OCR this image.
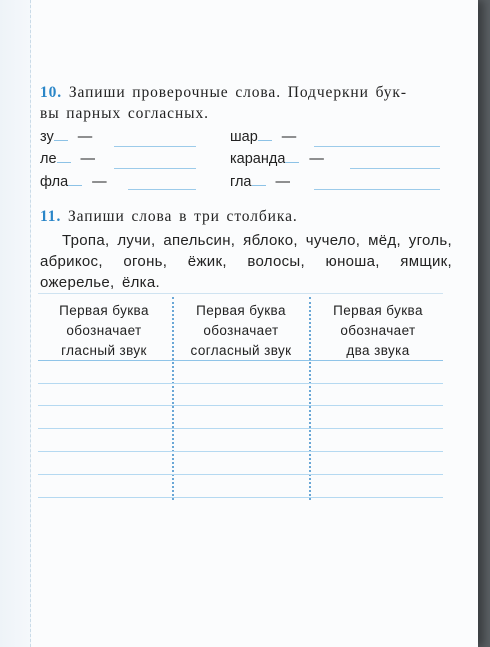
10. Запиши проверочные слова. Подчеркни бук-
вы парных согласных.
зу —
ле —
фла —
шар —
каранда —
гла —
11. Запиши слова в три столбика.
Тропа, лучи, апельсин, яблоко, чучело, мёд, уголь, абрикос, огонь, ёжик, волосы, юноша, ямщик, ожерелье, ёлка.
Первая буква
обозначает
гласный звук
Первая буква
обозначает
согласный звук
Первая буква
обозначает
два звука
